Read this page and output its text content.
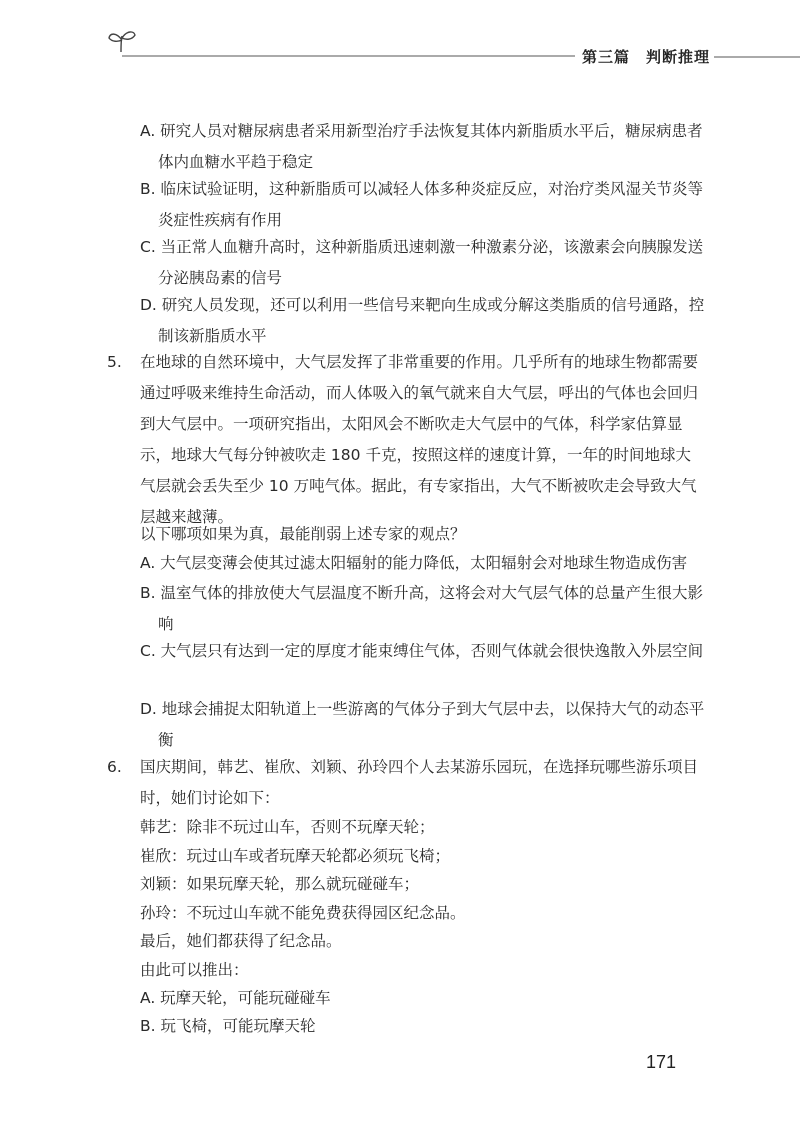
第三篇　判断推理
A. 研究人员对糖尿病患者采用新型治疗手法恢复其体内新脂质水平后，糖尿病患者体内血糖水平趋于稳定
B. 临床试验证明，这种新脂质可以减轻人体多种炎症反应，对治疗类风湿关节炎等炎症性疾病有作用
C. 当正常人血糖升高时，这种新脂质迅速刺激一种激素分泌，该激素会向胰腺发送分泌胰岛素的信号
D. 研究人员发现，还可以利用一些信号来靶向生成或分解这类脂质的信号通路，控制该新脂质水平
5.	在地球的自然环境中，大气层发挥了非常重要的作用。几乎所有的地球生物都需要通过呼吸来维持生命活动，而人体吸入的氧气就来自大气层，呼出的气体也会回归到大气层中。一项研究指出，太阳风会不断吹走大气层中的气体，科学家估算显示，地球大气每分钟被吹走 180 千克，按照这样的速度计算，一年的时间地球大气层就会丢失至少 10 万吨气体。据此，有专家指出，大气不断被吹走会导致大气层越来越薄。
以下哪项如果为真，最能削弱上述专家的观点？
A. 大气层变薄会使其过滤太阳辐射的能力降低，太阳辐射会对地球生物造成伤害
B. 温室气体的排放使大气层温度不断升高，这将会对大气层气体的总量产生很大影响
C. 大气层只有达到一定的厚度才能束缚住气体，否则气体就会很快逸散入外层空间
D. 地球会捕捉太阳轨道上一些游离的气体分子到大气层中去，以保持大气的动态平衡
6.	国庆期间，韩艺、崔欣、刘颖、孙玲四个人去某游乐园玩，在选择玩哪些游乐项目时，她们讨论如下：
韩艺：除非不玩过山车，否则不玩摩天轮；
崔欣：玩过山车或者玩摩天轮都必须玩飞椅；
刘颖：如果玩摩天轮，那么就玩碰碰车；
孙玲：不玩过山车就不能免费获得园区纪念品。
最后，她们都获得了纪念品。
由此可以推出：
A. 玩摩天轮，可能玩碰碰车
B. 玩飞椅，可能玩摩天轮
171
